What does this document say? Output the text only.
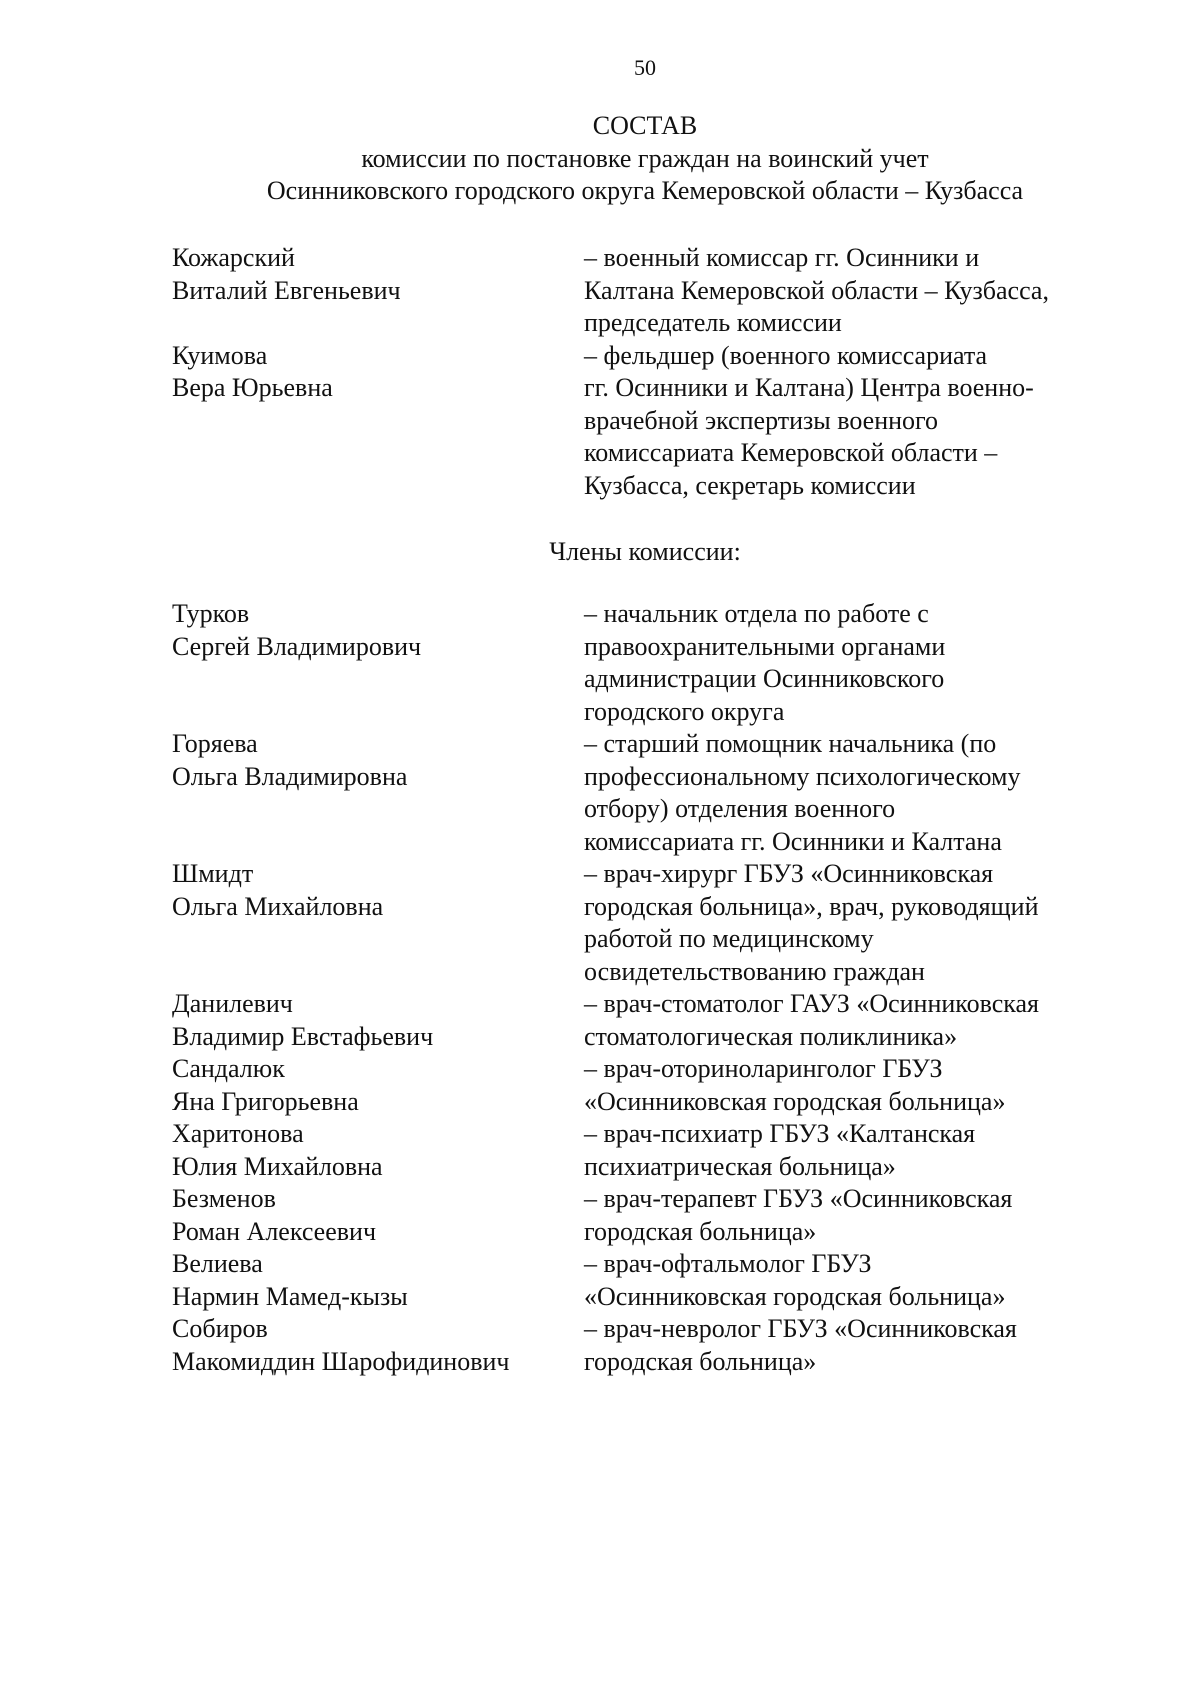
50
СОСТАВ
комиссии по постановке граждан на воинский учет
Осинниковского городского округа Кемеровской области – Кузбасса
Кожарский
Виталий Евгеньевич
– военный комиссар гг. Осинники и
Калтана Кемеровской области – Кузбасса,
председатель комиссии
Куимова
Вера Юрьевна
– фельдшер (военного комиссариата
гг. Осинники и Калтана) Центра военно-
врачебной экспертизы военного
комиссариата Кемеровской области –
Кузбасса, секретарь комиссии
Члены комиссии:
Турков
Сергей Владимирович
– начальник отдела по работе с
правоохранительными органами
администрации Осинниковского
городского округа
Горяева
Ольга Владимировна
– старший помощник начальника (по
профессиональному психологическому
отбору) отделения военного
комиссариата гг. Осинники и Калтана
Шмидт
Ольга Михайловна
– врач-хирург ГБУЗ «Осинниковская
городская больница», врач, руководящий
работой по медицинскому
освидетельствованию граждан
Данилевич
Владимир Евстафьевич
– врач-стоматолог ГАУЗ «Осинниковская
стоматологическая поликлиника»
Сандалюк
Яна Григорьевна
– врач-оториноларинголог ГБУЗ
«Осинниковская городская больница»
Харитонова
Юлия Михайловна
– врач-психиатр ГБУЗ «Калтанская
психиатрическая больница»
Безменов
Роман Алексеевич
– врач-терапевт ГБУЗ «Осинниковская
городская больница»
Велиева
Нармин Мамед-кызы
– врач-офтальмолог ГБУЗ
«Осинниковская городская больница»
Собиров
Макомиддин Шарофидинович
– врач-невролог ГБУЗ «Осинниковская
городская больница»
